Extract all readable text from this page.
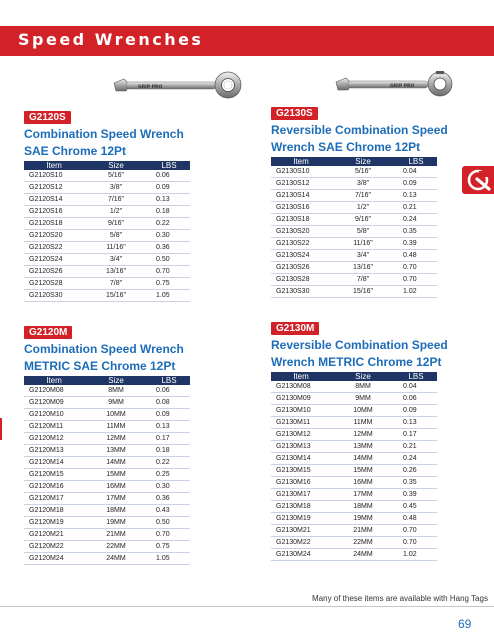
Speed Wrenches
GRIP PRO	GRIP PRO
G2120S
Combination Speed Wrench
SAE Chrome 12Pt
Item	Size	LBS
G2120S10	5/16"	0.06
G2120S12	3/8"	0.09
G2120S14	7/16"	0.13
G2120S16	1/2"	0.18
G2120S18	9/16"	0.22
G2120S20	5/8"	0.30
G2120S22	11/16"	0.36
G2120S24	3/4"	0.50
G2120S26	13/16"	0.70
G2120S28	7/8"	0.75
G2120S30	15/16"	1.05
G2130S
Reversible Combination Speed
Wrench SAE Chrome 12Pt
Item	Size	LBS
G2130S10	5/16"	0.04
G2130S12	3/8"	0.09
G2130S14	7/16"	0.13
G2130S16	1/2"	0.21
G2130S18	9/16"	0.24
G2130S20	5/8"	0.35
G2130S22	11/16"	0.39
G2130S24	3/4"	0.48
G2130S26	13/16"	0.70
G2130S28	7/8"	0.70
G2130S30	15/16"	1.02
G2120M
Combination Speed Wrench
METRIC SAE Chrome 12Pt
Item	Size	LBS
G2120M08	8MM	0.06
G2120M09	9MM	0.08
G2120M10	10MM	0.09
G2120M11	11MM	0.13
G2120M12	12MM	0.17
G2120M13	13MM	0.18
G2120M14	14MM	0.22
G2120M15	15MM	0.25
G2120M16	16MM	0.30
G2120M17	17MM	0.36
G2120M18	18MM	0.43
G2120M19	19MM	0.50
G2120M21	21MM	0.70
G2120M22	22MM	0.75
G2120M24	24MM	1.05
G2130M
Reversible Combination Speed
Wrench METRIC Chrome 12Pt
Item	Size	LBS
G2130M08	8MM	0.04
G2130M09	9MM	0.06
G2130M10	10MM	0.09
G2130M11	11MM	0.13
G2130M12	12MM	0.17
G2130M13	13MM	0.21
G2130M14	14MM	0.24
G2130M15	15MM	0.26
G2130M16	16MM	0.35
G2130M17	17MM	0.39
G2130M18	18MM	0.45
G2130M19	19MM	0.48
G2130M21	21MM	0.70
G2130M22	22MM	0.70
G2130M24	24MM	1.02
Many of these items are available with Hang Tags
69
